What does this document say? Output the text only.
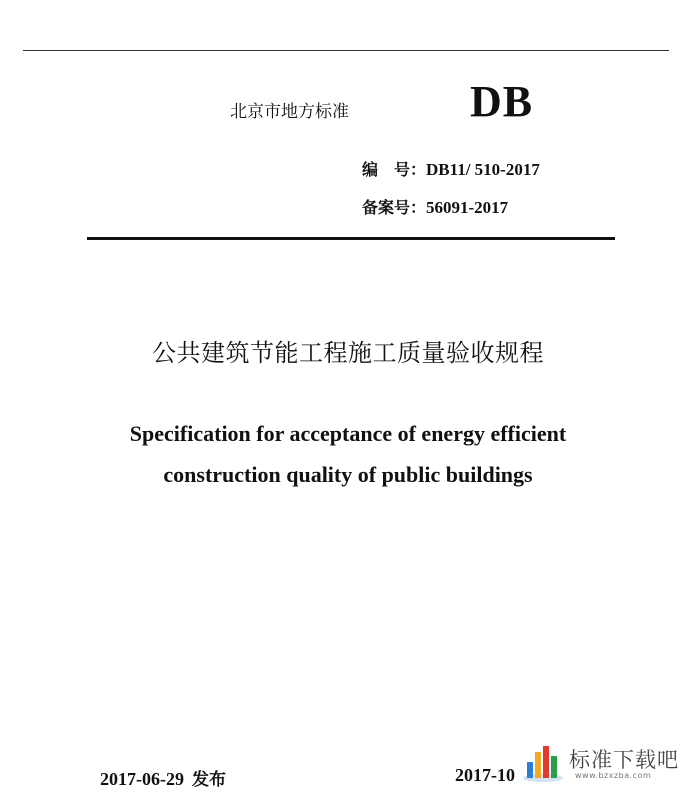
北京市地方标准	DB
编　号：DB11/ 510-2017
备案号：56091-2017
公共建筑节能工程施工质量验收规程
Specification for acceptance of energy efficient
construction quality of public buildings
2017-06-29 发布	2017-10
标准下载吧
www.bzxzba.com
